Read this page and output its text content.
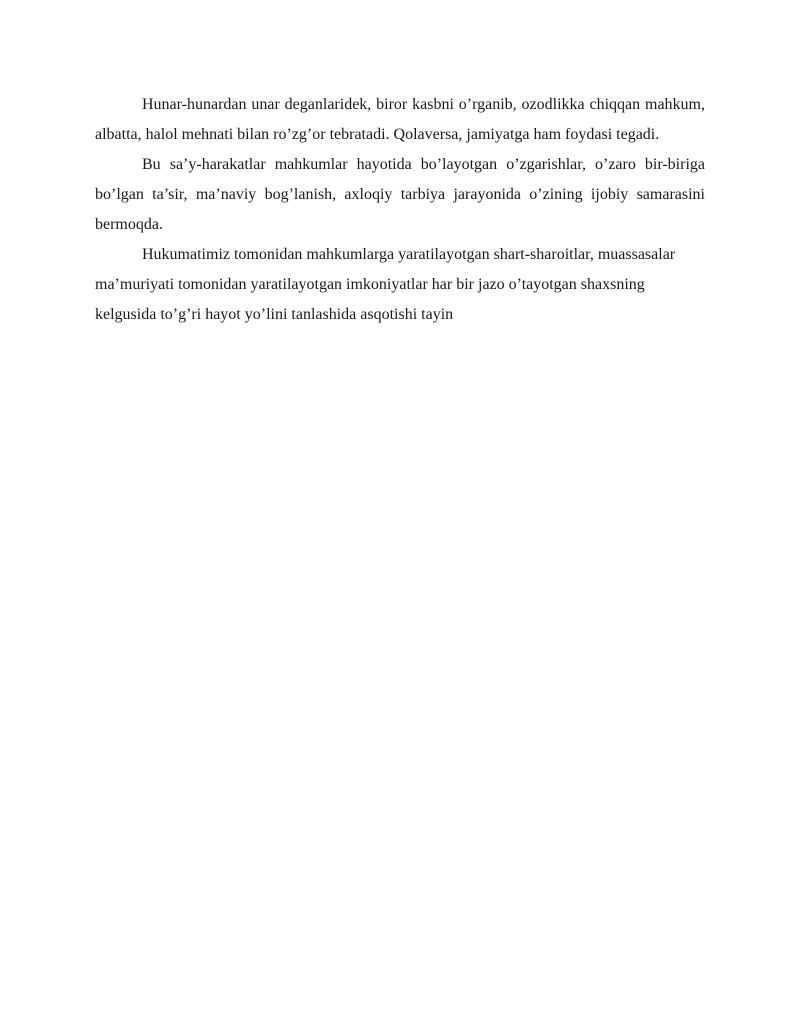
Hunar-hunardan unar deganlaridek, biror kasbni o’rganib, ozodlikka chiqqan mahkum, albatta, halol mehnati bilan ro’zg’or tebratadi. Qolaversa, jamiyatga ham foydasi tegadi.

Bu sa’y-harakatlar mahkumlar hayotida bo’layotgan o’zgarishlar, o’zaro bir-biriga bo’lgan ta’sir, ma’naviy bog’lanish, axloqiy tarbiya jarayonida o’zining ijobiy samarasini bermoqda.

Hukumatimiz tomonidan mahkumlarga yaratilayotgan shart-sharoitlar, muassasalar ma’muriyati tomonidan yaratilayotgan imkoniyatlar har bir jazo o’tayotgan shaxsning kelgusida to’g’ri hayot yo’lini tanlashida asqotishi tayin
